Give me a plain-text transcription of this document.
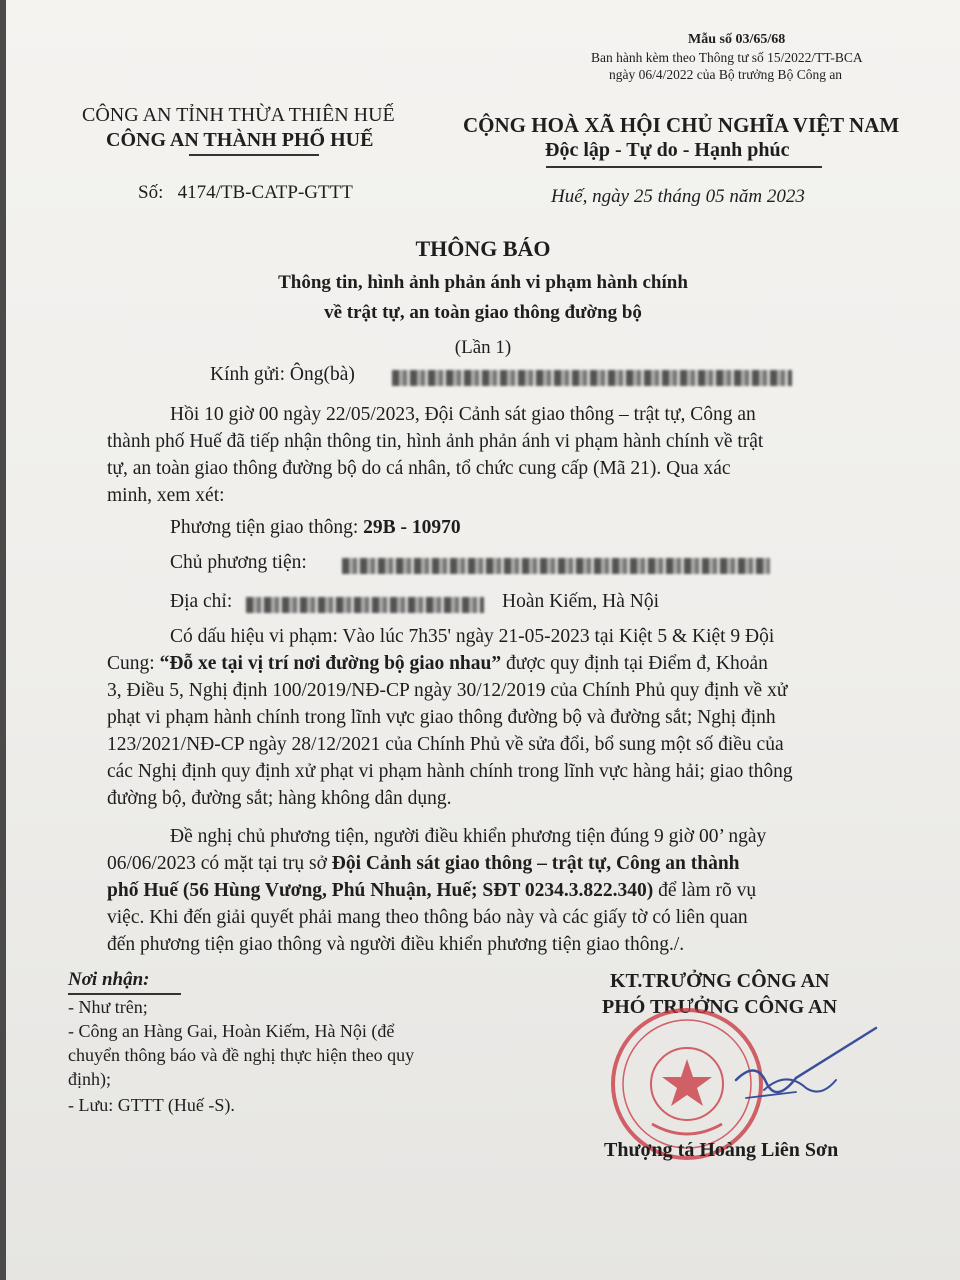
Mẫu số 03/65/68
Ban hành kèm theo Thông tư số 15/2022/TT-BCA
ngày 06/4/2022 của Bộ trưởng Bộ Công an
CÔNG AN TỈNH THỪA THIÊN HUẾ
CÔNG AN THÀNH PHỐ HUẾ
CỘNG HOÀ XÃ HỘI CHỦ NGHĨA VIỆT NAM
Độc lập - Tự do - Hạnh phúc
Số: 4174/TB-CATP-GTTT	Huế, ngày 25 tháng 05 năm 2023
THÔNG BÁO
Thông tin, hình ảnh phản ánh vi phạm hành chính
về trật tự, an toàn giao thông đường bộ
(Lần 1)
Kính gửi: Ông(bà)
Hồi 10 giờ 00 ngày 22/05/2023, Đội Cảnh sát giao thông – trật tự, Công an
thành phố Huế đã tiếp nhận thông tin, hình ảnh phản ánh vi phạm hành chính về trật
tự, an toàn giao thông đường bộ do cá nhân, tổ chức cung cấp (Mã 21). Qua xác
minh, xem xét:
Phương tiện giao thông: 29B - 10970
Chủ phương tiện:
Địa chỉ:	Hoàn Kiếm, Hà Nội
Có dấu hiệu vi phạm: Vào lúc 7h35' ngày 21-05-2023 tại Kiệt 5 & Kiệt 9 Đội
Cung: “Đỗ xe tại vị trí nơi đường bộ giao nhau” được quy định tại Điểm đ, Khoản
3, Điều 5, Nghị định 100/2019/NĐ-CP ngày 30/12/2019 của Chính Phủ quy định về xử
phạt vi phạm hành chính trong lĩnh vực giao thông đường bộ và đường sắt; Nghị định
123/2021/NĐ-CP ngày 28/12/2021 của Chính Phủ về sửa đổi, bổ sung một số điều của
các Nghị định quy định xử phạt vi phạm hành chính trong lĩnh vực hàng hải; giao thông
đường bộ, đường sắt; hàng không dân dụng.
Đề nghị chủ phương tiện, người điều khiển phương tiện đúng 9 giờ 00’ ngày
06/06/2023 có mặt tại trụ sở Đội Cảnh sát giao thông – trật tự, Công an thành
phố Huế (56 Hùng Vương, Phú Nhuận, Huế; SĐT 0234.3.822.340) để làm rõ vụ
việc. Khi đến giải quyết phải mang theo thông báo này và các giấy tờ có liên quan
đến phương tiện giao thông và người điều khiển phương tiện giao thông./.
Nơi nhận:
- Như trên;
- Công an Hàng Gai, Hoàn Kiếm, Hà Nội (để
chuyển thông báo và đề nghị thực hiện theo quy
định);
- Lưu: GTTT (Huế -S).
KT.TRƯỞNG CÔNG AN
PHÓ TRƯỞNG CÔNG AN
Thượng tá Hoàng Liên Sơn
